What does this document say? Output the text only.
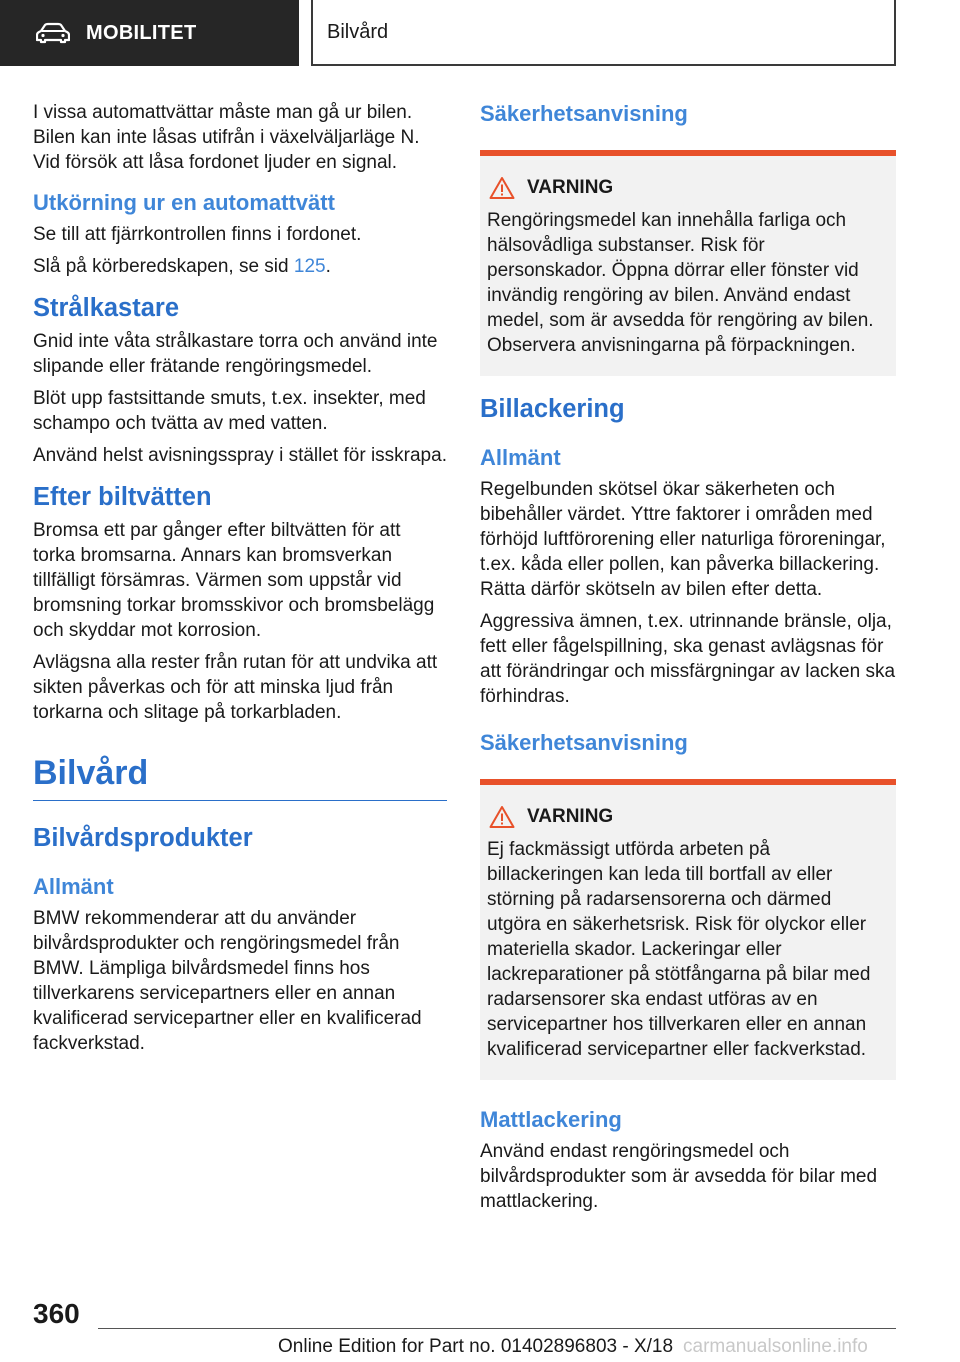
MOBILITET	Bilvård

I vissa automattvättar måste man gå ur bilen. Bilen kan inte låsas utifrån i växelväljarläge N. Vid försök att låsa fordonet ljuder en signal.

Utkörning ur en automattvätt

Se till att fjärrkontrollen finns i fordonet.

Slå på körberedskapen, se sid 125.

Strålkastare

Gnid inte våta strålkastare torra och använd inte slipande eller frätande rengöringsmedel.

Blöt upp fastsittande smuts, t.ex. insekter, med schampo och tvätta av med vatten.

Använd helst avisningsspray i stället för isskrapa.

Efter biltvätten

Bromsa ett par gånger efter biltvätten för att torka bromsarna. Annars kan bromsverkan tillfälligt försämras. Värmen som uppstår vid bromsning torkar bromsskivor och bromsbelägg och skyddar mot korrosion.

Avlägsna alla rester från rutan för att undvika att sikten påverkas och för att minska ljud från torkarna och slitage på torkarbladen.

Bilvård
Bilvårdsprodukter
Allmänt

BMW rekommenderar att du använder bilvårdsprodukter och rengöringsmedel från BMW. Lämpliga bilvårdsmedel finns hos tillverkarens servicepartners eller en annan kvalificerad servicepartner eller en kvalificerad fackverkstad.

Säkerhetsanvisning
VARNING

Rengöringsmedel kan innehålla farliga och hälsovådliga substanser. Risk för personskador. Öppna dörrar eller fönster vid invändig rengöring av bilen. Använd endast medel, som är avsedda för rengöring av bilen. Observera anvisningarna på förpackningen.

Billackering
Allmänt

Regelbunden skötsel ökar säkerheten och bibehåller värdet. Yttre faktorer i områden med förhöjd luftförorening eller naturliga föroreningar, t.ex. kåda eller pollen, kan påverka billackering. Rätta därför skötseln av bilen efter detta.

Aggressiva ämnen, t.ex. utrinnande bränsle, olja, fett eller fågelspillning, ska genast avlägsnas för att förändringar och missfärgningar av lacken ska förhindras.

Säkerhetsanvisning
VARNING

Ej fackmässigt utförda arbeten på billackeringen kan leda till bortfall av eller störning på radarsensorerna och därmed utgöra en säkerhetsrisk. Risk för olyckor eller materiella skador. Lackeringar eller lackreparationer på stötfångarna på bilar med radarsensorer ska endast utföras av en servicepartner hos tillverkaren eller en annan kvalificerad servicepartner eller fackverkstad.

Mattlackering

Använd endast rengöringsmedel och bilvårdsprodukter som är avsedda för bilar med mattlackering.

360
Online Edition for Part no. 01402896803 - X/18 carmanualsonline.info
